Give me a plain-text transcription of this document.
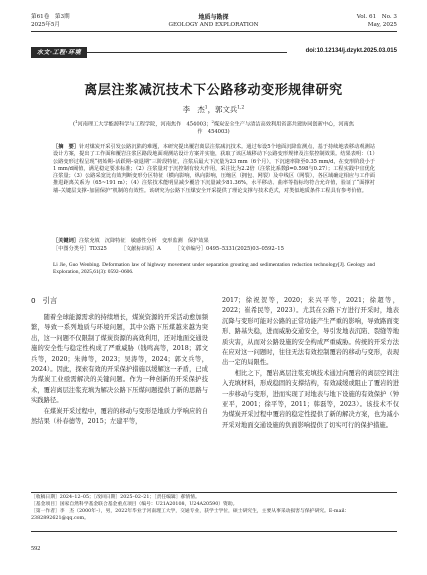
第61卷　第3期
2025年5月
地质与勘探
GEOLOGY AND EXPLORATION
Vol. 61　No. 3
May, 2025
水文·工程·环境	doi:10.12134/j.dzykt.2025.03.015
离层注浆减沉技术下公路移动变形规律研究
李　杰$^1$，郭文兵$^{1,2}$
($^1$河南理工大学能源科学与工程学院，河南焦作　454003；$^2$煤炭安全生产与清洁高效利用省部共建协同创新中心，河南焦作　454003)
［摘　要］针对煤炭开采引发公路沉陷的难题，本研究提出覆岩离层注浆减沉技术。通过布设5个地面沉降监测点，基于持续地表移动观测站设计方案，提出了工作面和覆岩注浆区路段地面观测站设计方案并实施，获取了该区域移动下公路变形规律及注浆控制效果。结果表明：（1）公路变形过程呈现“初始期–活跃期–衰退期”三阶段特征，注浆后最大下沉量为23 mm（6个月），下沉速率降至0.35 mm/d，在变形阶段小于1 mm/d阈值，满足稳定要求标准；（2）注浆量对于沉控制有较大作用，采注比为2.2倍（注浆比系数β=0.598与0.27）；工程实践中宜优化注浆量；（3）公路采宽比有效判断变形分区特征（横向影响，纵向影响，压缩区（拥包、网裂）及中线区（网裂），各区域确定相应与工作面推进距离关系为（65~191 m）；（4）注浆技术能明显减少覆岩下沉量减少81.36%，水平移动、曲率等指标均符合允许值，验证了“面撑衬墙–关键层支撑–加固保护”机制的有效性。该研究为公路下压煤安全开采提供了理论支撑与技术范式，对类似地质条件工程具有参考价值。
［关键词］注浆充填　沉降特征　敏感性分析　变形监测　保护效果
［中图分类号］TD325	［文献标识码］A	［文章编号］0495–5331(2025)03–0592–15
Li Jie, Guo Wenbing. Deformation law of highway movement under separation grouting and sedimentation reduction technology[J]. Geology and Exploration, 2025,61(3): 0592–0606.
0　引言

随着全球能源需求的持续增长，煤炭资源的开采活动愈加频繁，导致一系列地质与环境问题，其中公路下压煤越来越为突出，这一问题不仅限制了煤炭资源的高效利用，还对地面交通设施的安全性与稳定性构成了严重威胁（钱鸣高等，2018；郭文兵等，2020；朱帅等，2023；吴涛等，2024；郭文兵等，2024）。因此，探索有效的开采保护措施以缓解这一矛盾，已成为煤炭工业亟需解决的关键问题。作为一种创新的开采保护技术，覆岩离层注浆充填为解决公路下压煤问题提供了新的思路与实践路径。

在煤炭开采过程中，覆岩的移动与变形是地质力学响应的自然结果（朴春德等，2015；左建平等，

2017；徐祝贺等，2020；来兴平等，2021；徐超等，2022；崔希民等，2023）。尤其在公路下方进行开采时，地表沉降与变形可能对公路的正常功能产生严重的影响，导致路面变形、路基失稳，进而威胁交通安全，导引发地表沉陷、裂缝等地质灾害，从而对公路设施的安全构成严重威胁。传统的开采方法在应对这一问题时，往往无法有效控制覆岩的移动与变形，表现出一定的局限性。

相比之下，覆岩离层注浆充填技术通过向覆岩的离层空间注入充填材料，形成稳固的支撑结构，有效减缓或阻止了覆岩的进一步移动与变形，进而实现了对地表与地下设施的有效保护（钟亚平，2001；徐平等，2011；韩磊等，2023）。该技术不仅为煤炭开采过程中覆岩的稳定性提供了新的解决方案，也为减小开采对地面交通设施的负面影响提供了切实可行的保护措施。

［收稿日期］2024–12–05；［改回日期］2025–02–21；［责任编辑］郝情情。
［基金项目］国家自然科学基金联合基金重点项目（编号：U21A20108，U24A20590）资助。
［第一作者］李　杰（2000年–），男，2022年毕业于河南理工大学，交通专业，获学士学位，硕士研究生，主要从事采动损害与保护研究。E-mail：2382892621@qq.com。
592
